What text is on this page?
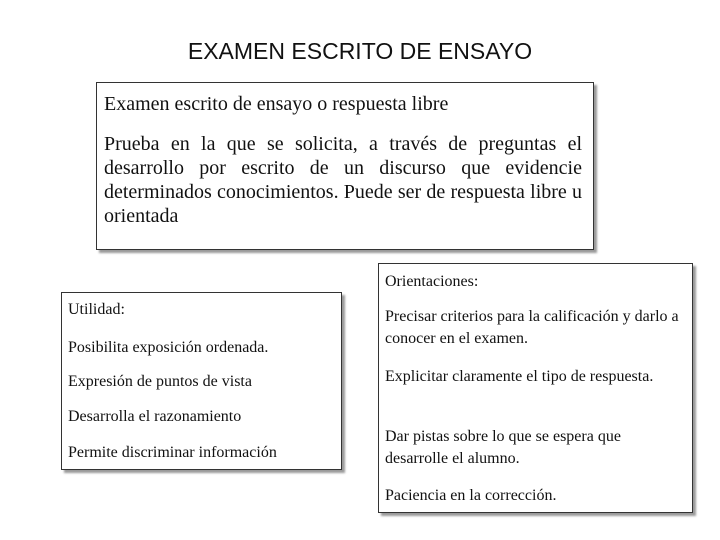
EXAMEN ESCRITO DE ENSAYO
Examen escrito de ensayo o respuesta libre
Prueba en la que se solicita, a través de preguntas el desarrollo por escrito de un discurso que evidencie determinados conocimientos. Puede ser de respuesta libre u orientada
Utilidad:
Posibilita exposición ordenada.
Expresión de puntos de vista
Desarrolla el razonamiento
Permite discriminar información
Orientaciones:
Precisar criterios para la calificación y darlo a conocer en el examen.
Explicitar claramente el tipo de respuesta.
Dar pistas sobre lo que se espera que desarrolle el alumno.
Paciencia en la corrección.
